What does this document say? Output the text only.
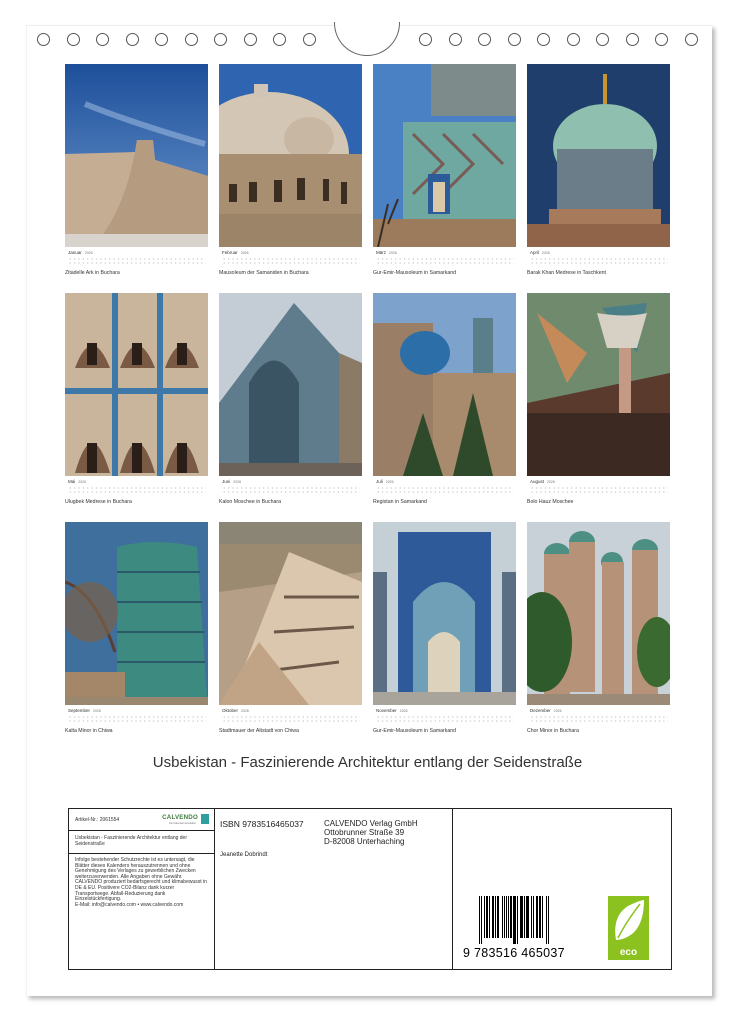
Januar 2026
Zitadelle Ark in Buchara
Februar 2026
Mausoleum der Samaniden in Buchara
März 2026
Gur-Emir-Mausoleum in Samarkand
April 2026
Barak Khan Medrese in Taschkent
Mai 2026
Ulugbek Medrese in Buchara
Juni 2026
Kalon Moschee in Buchara
Juli 2026
Registan in Samarkand
August 2026
Bolo Hauz Moschee
September 2026
Kalta Minor in Chiwa
Oktober 2026
Stadtmauer der Altstadt von Chiwa
November 2026
Gur-Emir-Mausoleum in Samarkand
Dezember 2026
Chor Minor in Buchara
Usbekistan - Faszinierende Architektur entlang der Seidenstraße
Artikel-Nr.: 2061554	CALVENDO
Die Kalendermanufaktur
Usbekistan - Faszinierende Architektur entlang der Seidenstraße
Infolge bestehender Schutzrechte ist es untersagt, die Blätter dieses Kalenders herauszutrennen und ohne Genehmigung des Verlages zu gewerblichen Zwecken weiterzuverwenden. Alle Angaben ohne Gewähr. CALVENDO produziert bedarfsgerecht und klimabewusst in DE & EU. Positivere CO2-Bilanz dank kurzer Transportwege. Abfall-Reduzierung dank Einzelstückfertigung.
E-Mail: info@calvendo.com • www.calvendo.com
ISBN 9783516465037	CALVENDO Verlag GmbH
Ottobrunner Straße 39
D-82008 Unterhaching
Jeanette Dobrindt
9 783516 465037	eco
